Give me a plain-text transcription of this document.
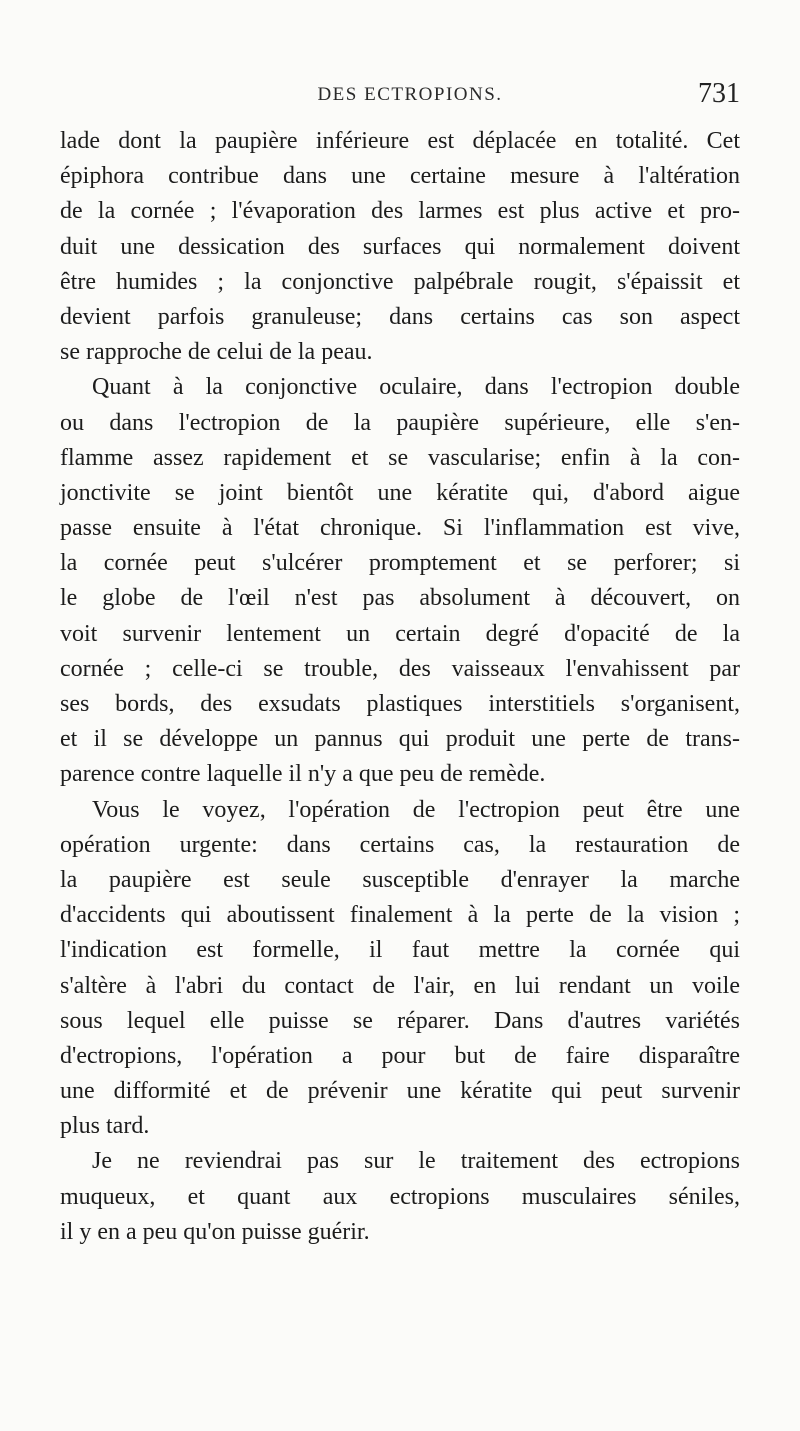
DES ECTROPIONS.	731
lade dont la paupière inférieure est déplacée en totalité. Cet
épiphora contribue dans une certaine mesure à l'altération
de la cornée ; l'évaporation des larmes est plus active et pro-
duit une dessication des surfaces qui normalement doivent
être humides ; la conjonctive palpébrale rougit, s'épaissit et
devient parfois granuleuse; dans certains cas son aspect
se rapproche de celui de la peau.
Quant à la conjonctive oculaire, dans l'ectropion double
ou dans l'ectropion de la paupière supérieure, elle s'en-
flamme assez rapidement et se vascularise; enfin à la con-
jonctivite se joint bientôt une kératite qui, d'abord aigue
passe ensuite à l'état chronique. Si l'inflammation est vive,
la cornée peut s'ulcérer promptement et se perforer; si
le globe de l'œil n'est pas absolument à découvert, on
voit survenir lentement un certain degré d'opacité de la
cornée ; celle-ci se trouble, des vaisseaux l'envahissent par
ses bords, des exsudats plastiques interstitiels s'organisent,
et il se développe un pannus qui produit une perte de trans-
parence contre laquelle il n'y a que peu de remède.
Vous le voyez, l'opération de l'ectropion peut être une
opération urgente: dans certains cas, la restauration de
la paupière est seule susceptible d'enrayer la marche
d'accidents qui aboutissent finalement à la perte de la vision ;
l'indication est formelle, il faut mettre la cornée qui
s'altère à l'abri du contact de l'air, en lui rendant un voile
sous lequel elle puisse se réparer. Dans d'autres variétés
d'ectropions, l'opération a pour but de faire disparaître
une difformité et de prévenir une kératite qui peut survenir
plus tard.
Je ne reviendrai pas sur le traitement des ectropions
muqueux, et quant aux ectropions musculaires séniles,
il y en a peu qu'on puisse guérir.
